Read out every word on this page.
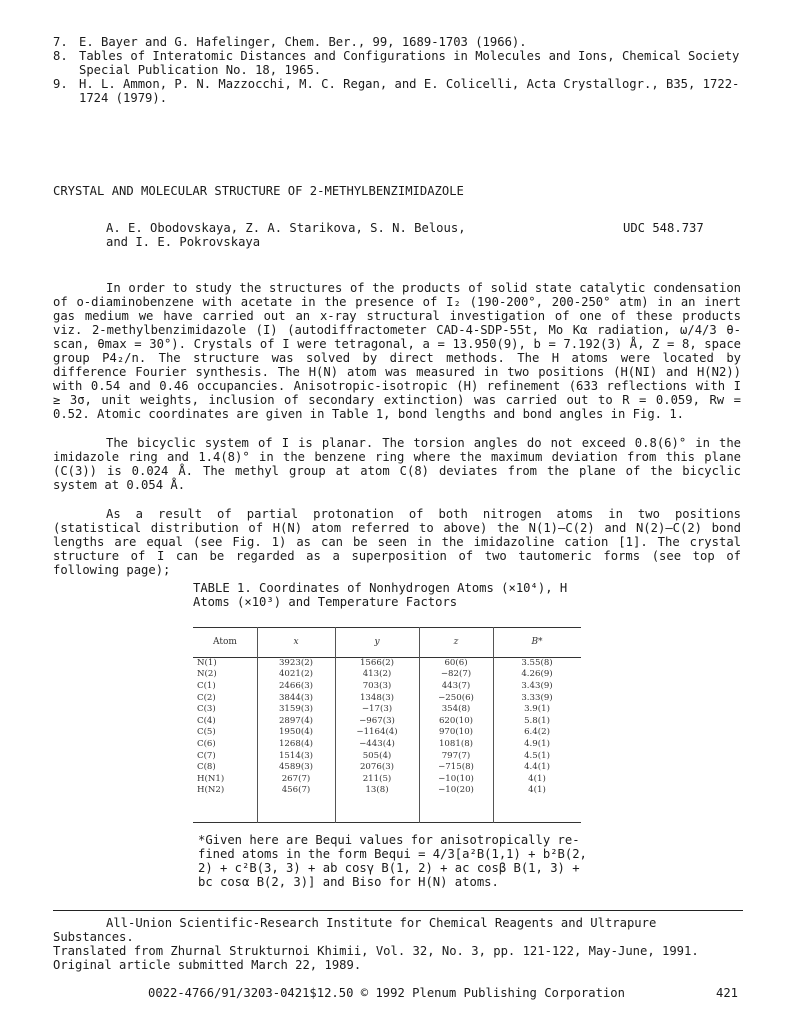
7. E. Bayer and G. Hafelinger, Chem. Ber., 99, 1689-1703 (1966).
8. Tables of Interatomic Distances and Configurations in Molecules and Ions, Chemical Society Special Publication No. 18, 1965.
9. H. L. Ammon, P. N. Mazzocchi, M. C. Regan, and E. Colicelli, Acta Crystallogr., B35, 1722-1724 (1979).
CRYSTAL AND MOLECULAR STRUCTURE OF 2-METHYLBENZIMIDAZOLE
A. E. Obodovskaya, Z. A. Starikova, S. N. Belous,
and I. E. Pokrovskaya
UDC 548.737

In order to study the structures of the products of solid state catalytic condensation of o-diaminobenzene with acetate in the presence of I₂ (190-200°, 200-250° atm) in an inert gas medium we have carried out an x-ray structural investigation of one of these products viz. 2-methylbenzimidazole (I) (autodiffractometer CAD-4-SDP-55t, Mo Kα radiation, ω/4/3 θ-scan, θmax = 30°). Crystals of I were tetragonal, a = 13.950(9), b = 7.192(3) Å, Z = 8, space group P4₂/n. The structure was solved by direct methods. The H atoms were located by difference Fourier synthesis. The H(N) atom was measured in two positions (H(NI) and H(N2)) with 0.54 and 0.46 occupancies. Anisotropic-isotropic (H) refinement (633 reflections with I ≥ 3σ, unit weights, inclusion of secondary extinction) was carried out to R = 0.059, Rw = 0.52. Atomic coordinates are given in Table 1, bond lengths and bond angles in Fig. 1.

The bicyclic system of I is planar. The torsion angles do not exceed 0.8(6)° in the imidazole ring and 1.4(8)° in the benzene ring where the maximum deviation from this plane (C(3)) is 0.024 Å. The methyl group at atom C(8) deviates from the plane of the bicyclic system at 0.054 Å.

As a result of partial protonation of both nitrogen atoms in two positions (statistical distribution of H(N) atom referred to above) the N(1)—C(2) and N(2)—C(2) bond lengths are equal (see Fig. 1) as can be seen in the imidazoline cation [1]. The crystal structure of I can be regarded as a superposition of two tautomeric forms (see top of following page);

TABLE 1. Coordinates of Nonhydrogen Atoms (×10⁴), H
Atoms (×10³) and Temperature Factors
Atom	x	y	z	B*
N(1)	3923(2)	1566(2)	60(6)	3.55(8)
N(2)	4021(2)	413(2)	−82(7)	4.26(9)
C(1)	2466(3)	703(3)	443(7)	3.43(9)
C(2)	3844(3)	1348(3)	−250(6)	3.33(9)
C(3)	3159(3)	−17(3)	354(8)	3.9(1)
C(4)	2897(4)	−967(3)	620(10)	5.8(1)
C(5)	1950(4)	−1164(4)	970(10)	6.4(2)
C(6)	1268(4)	−443(4)	1081(8)	4.9(1)
C(7)	1514(3)	505(4)	797(7)	4.5(1)
C(8)	4589(3)	2076(3)	−715(8)	4.4(1)
H(N1)	267(7)	211(5)	−10(10)	4(1)
H(N2)	456(7)	13(8)	−10(20)	4(1)
*Given here are Bequi values for anisotropically re-
fined atoms in the form Bequi = 4/3[a²B(1,1) + b²B(2,
2) + c²B(3, 3) + ab cosγ B(1, 2) + ac cosβ B(1, 3) +
bc cosα B(2, 3)] and Biso for H(N) atoms.
All-Union Scientific-Research Institute for Chemical Reagents and Ultrapure Substances.
Translated from Zhurnal Strukturnoi Khimii, Vol. 32, No. 3, pp. 121-122, May-June, 1991.
Original article submitted March 22, 1989.
0022-4766/91/3203-0421$12.50 © 1992 Plenum Publishing Corporation	421
